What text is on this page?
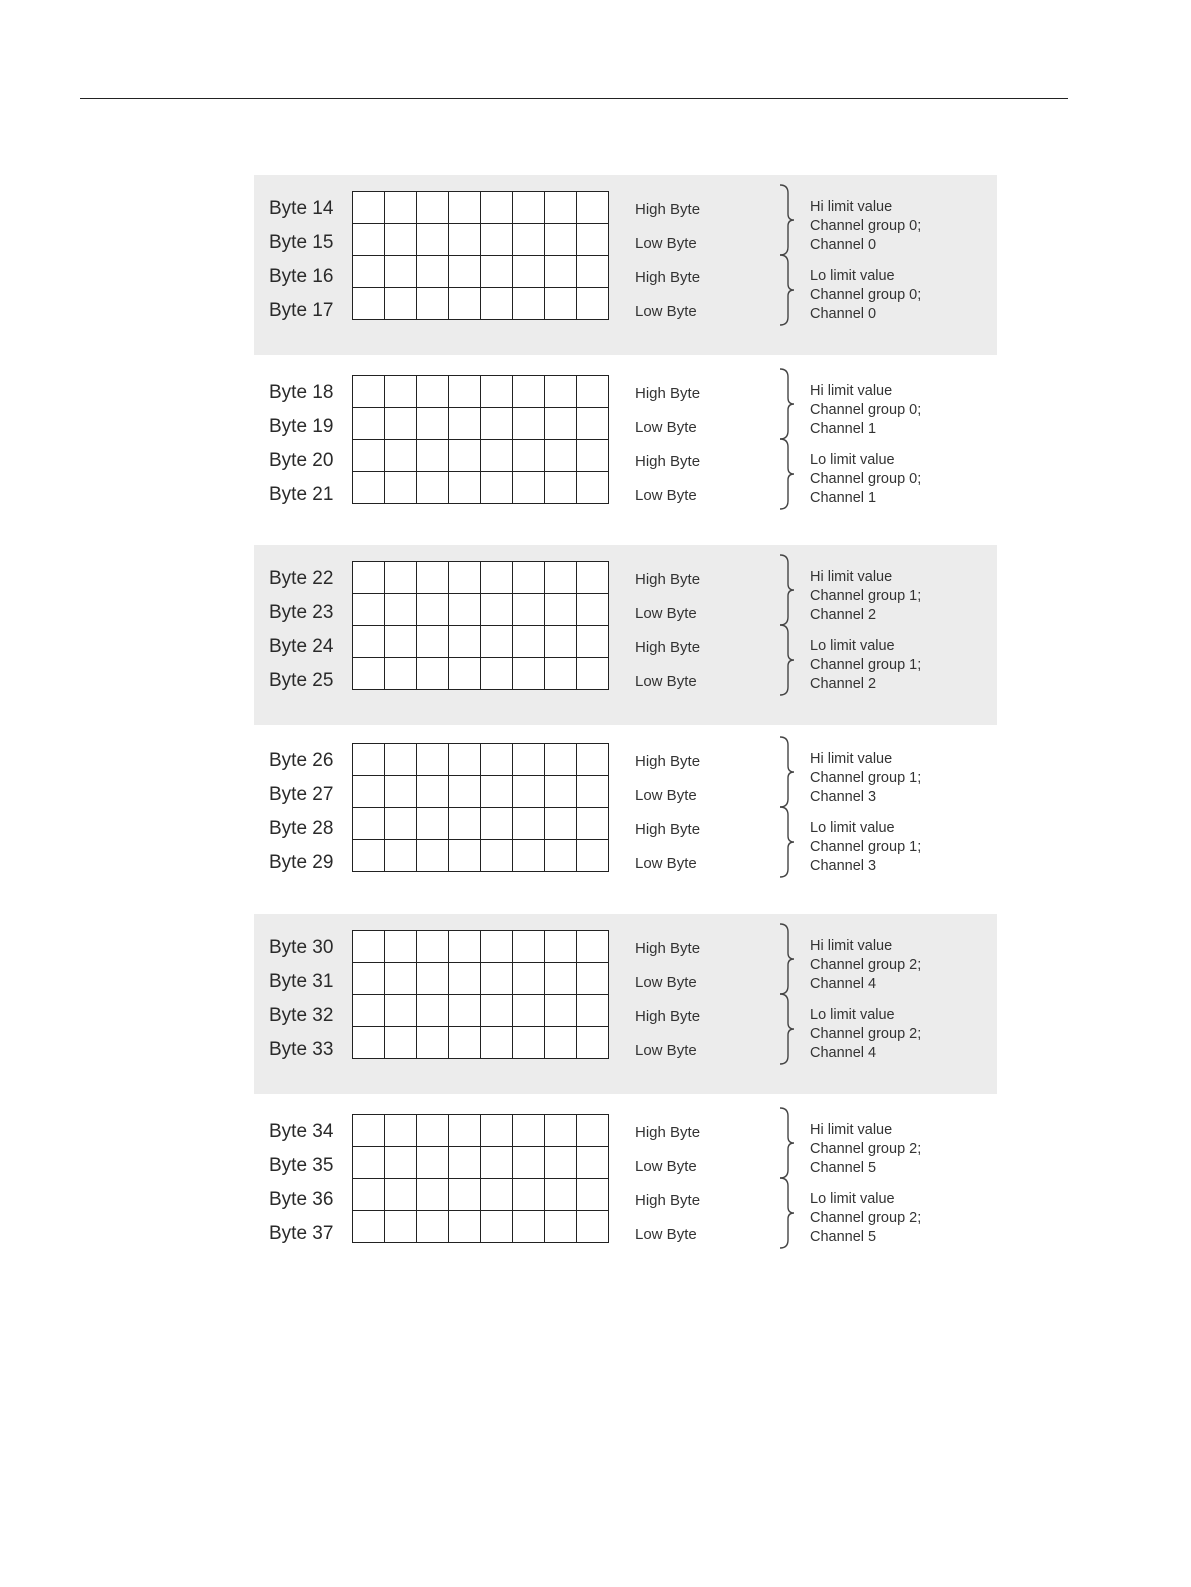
Byte 14	High Byte
Byte 15	Low Byte
Byte 16	High Byte
Byte 17	Low Byte

Hi limit value
Channel group 0;
Channel 0
Lo limit value
Channel group 0;
Channel 0
Byte 18	High Byte
Byte 19	Low Byte
Byte 20	High Byte
Byte 21	Low Byte

Hi limit value
Channel group 0;
Channel 1
Lo limit value
Channel group 0;
Channel 1
Byte 22	High Byte
Byte 23	Low Byte
Byte 24	High Byte
Byte 25	Low Byte

Hi limit value
Channel group 1;
Channel 2
Lo limit value
Channel group 1;
Channel 2
Byte 26	High Byte
Byte 27	Low Byte
Byte 28	High Byte
Byte 29	Low Byte

Hi limit value
Channel group 1;
Channel 3
Lo limit value
Channel group 1;
Channel 3
Byte 30	High Byte
Byte 31	Low Byte
Byte 32	High Byte
Byte 33	Low Byte

Hi limit value
Channel group 2;
Channel 4
Lo limit value
Channel group 2;
Channel 4
Byte 34	High Byte
Byte 35	Low Byte
Byte 36	High Byte
Byte 37	Low Byte

Hi limit value
Channel group 2;
Channel 5
Lo limit value
Channel group 2;
Channel 5
